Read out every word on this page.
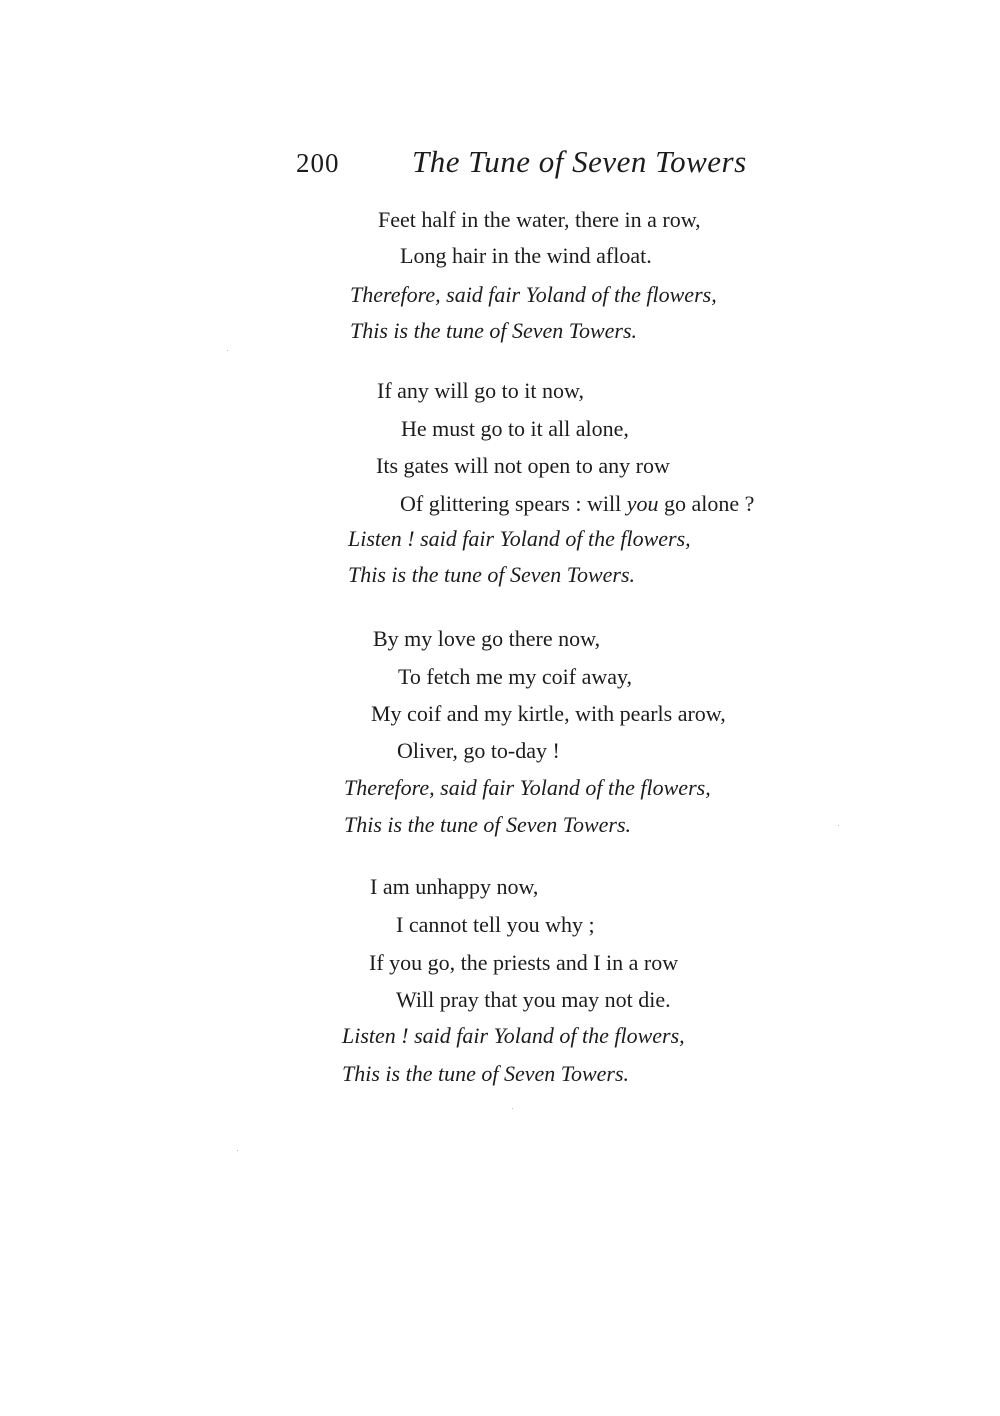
200 The Tune of Seven Towers
Feet half in the water, there in a row,
Long hair in the wind afloat.
Therefore, said fair Yoland of the flowers,
This is the tune of Seven Towers.
If any will go to it now,
He must go to it all alone,
Its gates will not open to any row
Of glittering spears : will you go alone ?
Listen ! said fair Yoland of the flowers,
This is the tune of Seven Towers.
By my love go there now,
To fetch me my coif away,
My coif and my kirtle, with pearls arow,
Oliver, go to-day !
Therefore, said fair Yoland of the flowers,
This is the tune of Seven Towers.
I am unhappy now,
I cannot tell you why ;
If you go, the priests and I in a row
Will pray that you may not die.
Listen ! said fair Yoland of the flowers,
This is the tune of Seven Towers.
